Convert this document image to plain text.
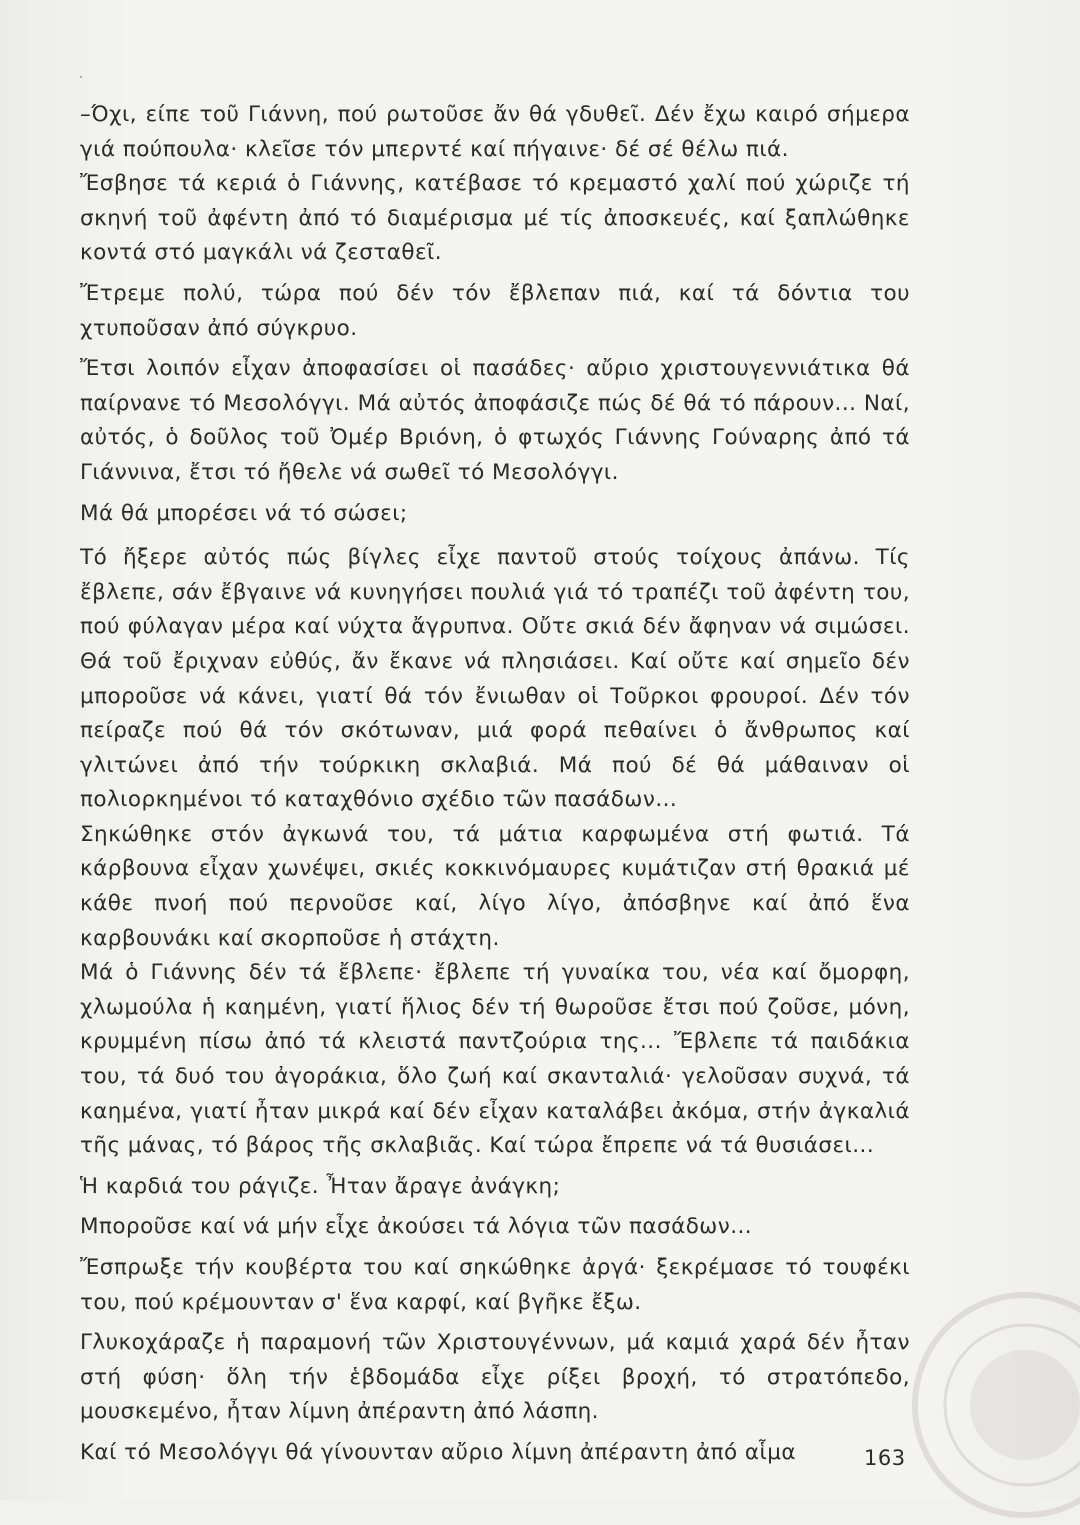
–Όχι, είπε τοῦ Γιάννη, πού ρωτοῦσε ἄν θά γδυθεῖ. Δέν ἔχω καιρό σήμερα γιά πούπουλα· κλεῖσε τόν μπερντέ καί πήγαινε· δέ σέ θέλω πιά.

Ἔσβησε τά κεριά ὁ Γιάννης, κατέβασε τό κρεμαστό χαλί πού χώριζε τή σκηνή τοῦ ἀφέντη ἀπό τό διαμέρισμα μέ τίς ἀποσκευές, καί ξαπλώθηκε κοντά στό μαγκάλι νά ζεσταθεῖ.

Ἔτρεμε πολύ, τώρα πού δέν τόν ἔβλεπαν πιά, καί τά δόντια του χτυποῦσαν ἀπό σύγκρυο.

Ἔτσι λοιπόν εἶχαν ἀποφασίσει οἱ πασάδες· αὔριο χριστουγεννιάτικα θά παίρνανε τό Μεσολόγγι. Μά αὐτός ἀποφάσιζε πώς δέ θά τό πάρουν... Ναί, αὐτός, ὁ δοῦλος τοῦ Ὀμέρ Βριόνη, ὁ φτωχός Γιάννης Γούναρης ἀπό τά Γιάννινα, ἔτσι τό ἤθελε νά σωθεῖ τό Μεσολόγγι.

Μά θά μπορέσει νά τό σώσει;

Τό ἤξερε αὐτός πώς βίγλες εἶχε παντοῦ στούς τοίχους ἀπάνω. Τίς ἔβλεπε, σάν ἔβγαινε νά κυνηγήσει πουλιά γιά τό τραπέζι τοῦ ἀφέντη του, πού φύλαγαν μέρα καί νύχτα ἄγρυπνα. Οὔτε σκιά δέν ἄφηναν νά σιμώσει. Θά τοῦ ἔριχναν εὐθύς, ἄν ἔκανε νά πλησιάσει. Καί οὔτε καί σημεῖο δέν μποροῦσε νά κάνει, γιατί θά τόν ἔνιωθαν οἱ Τοῦρκοι φρουροί. Δέν τόν πείραζε πού θά τόν σκότωναν, μιά φορά πεθαίνει ὁ ἄνθρωπος καί γλιτώνει ἀπό τήν τούρκικη σκλαβιά. Μά πού δέ θά μάθαιναν οἱ πολιορκημένοι τό καταχθόνιο σχέδιο τῶν πασάδων...

Σηκώθηκε στόν ἀγκωνά του, τά μάτια καρφωμένα στή φωτιά. Τά κάρβουνα εἶχαν χωνέψει, σκιές κοκκινόμαυρες κυμάτιζαν στή θρακιά μέ κάθε πνοή πού περνοῦσε καί, λίγο λίγο, ἀπόσβηνε καί ἀπό ἕνα καρβουνάκι καί σκορποῦσε ἡ στάχτη.

Μά ὁ Γιάννης δέν τά ἔβλεπε· ἔβλεπε τή γυναίκα του, νέα καί ὄμορφη, χλωμούλα ἡ καημένη, γιατί ἥλιος δέν τή θωροῦσε ἔτσι πού ζοῦσε, μόνη, κρυμμένη πίσω ἀπό τά κλειστά παντζούρια της... Ἔβλεπε τά παιδάκια του, τά δυό του ἀγοράκια, ὅλο ζωή καί σκανταλιά· γελοῦσαν συχνά, τά καημένα, γιατί ἦταν μικρά καί δέν εἶχαν καταλάβει ἀκόμα, στήν ἀγκαλιά τῆς μάνας, τό βάρος τῆς σκλαβιᾶς. Καί τώρα ἔπρεπε νά τά θυσιάσει...

Ἡ καρδιά του ράγιζε. Ἦταν ἄραγε ἀνάγκη;

Μποροῦσε καί νά μήν εἶχε ἀκούσει τά λόγια τῶν πασάδων...

Ἔσπρωξε τήν κουβέρτα του καί σηκώθηκε ἀργά· ξεκρέμασε τό τουφέκι του, πού κρέμουνταν σ' ἕνα καρφί, καί βγῆκε ἔξω.

Γλυκοχάραζε ἡ παραμονή τῶν Χριστουγέννων, μά καμιά χαρά δέν ἦταν στή φύση· ὅλη τήν ἑβδομάδα εἶχε ρίξει βροχή, τό στρατόπεδο, μουσκεμένο, ἦταν λίμνη ἀπέραντη ἀπό λάσπη.

Καί τό Μεσολόγγι θά γίνουνταν αὔριο λίμνη ἀπέραντη ἀπό αἷμα	163
